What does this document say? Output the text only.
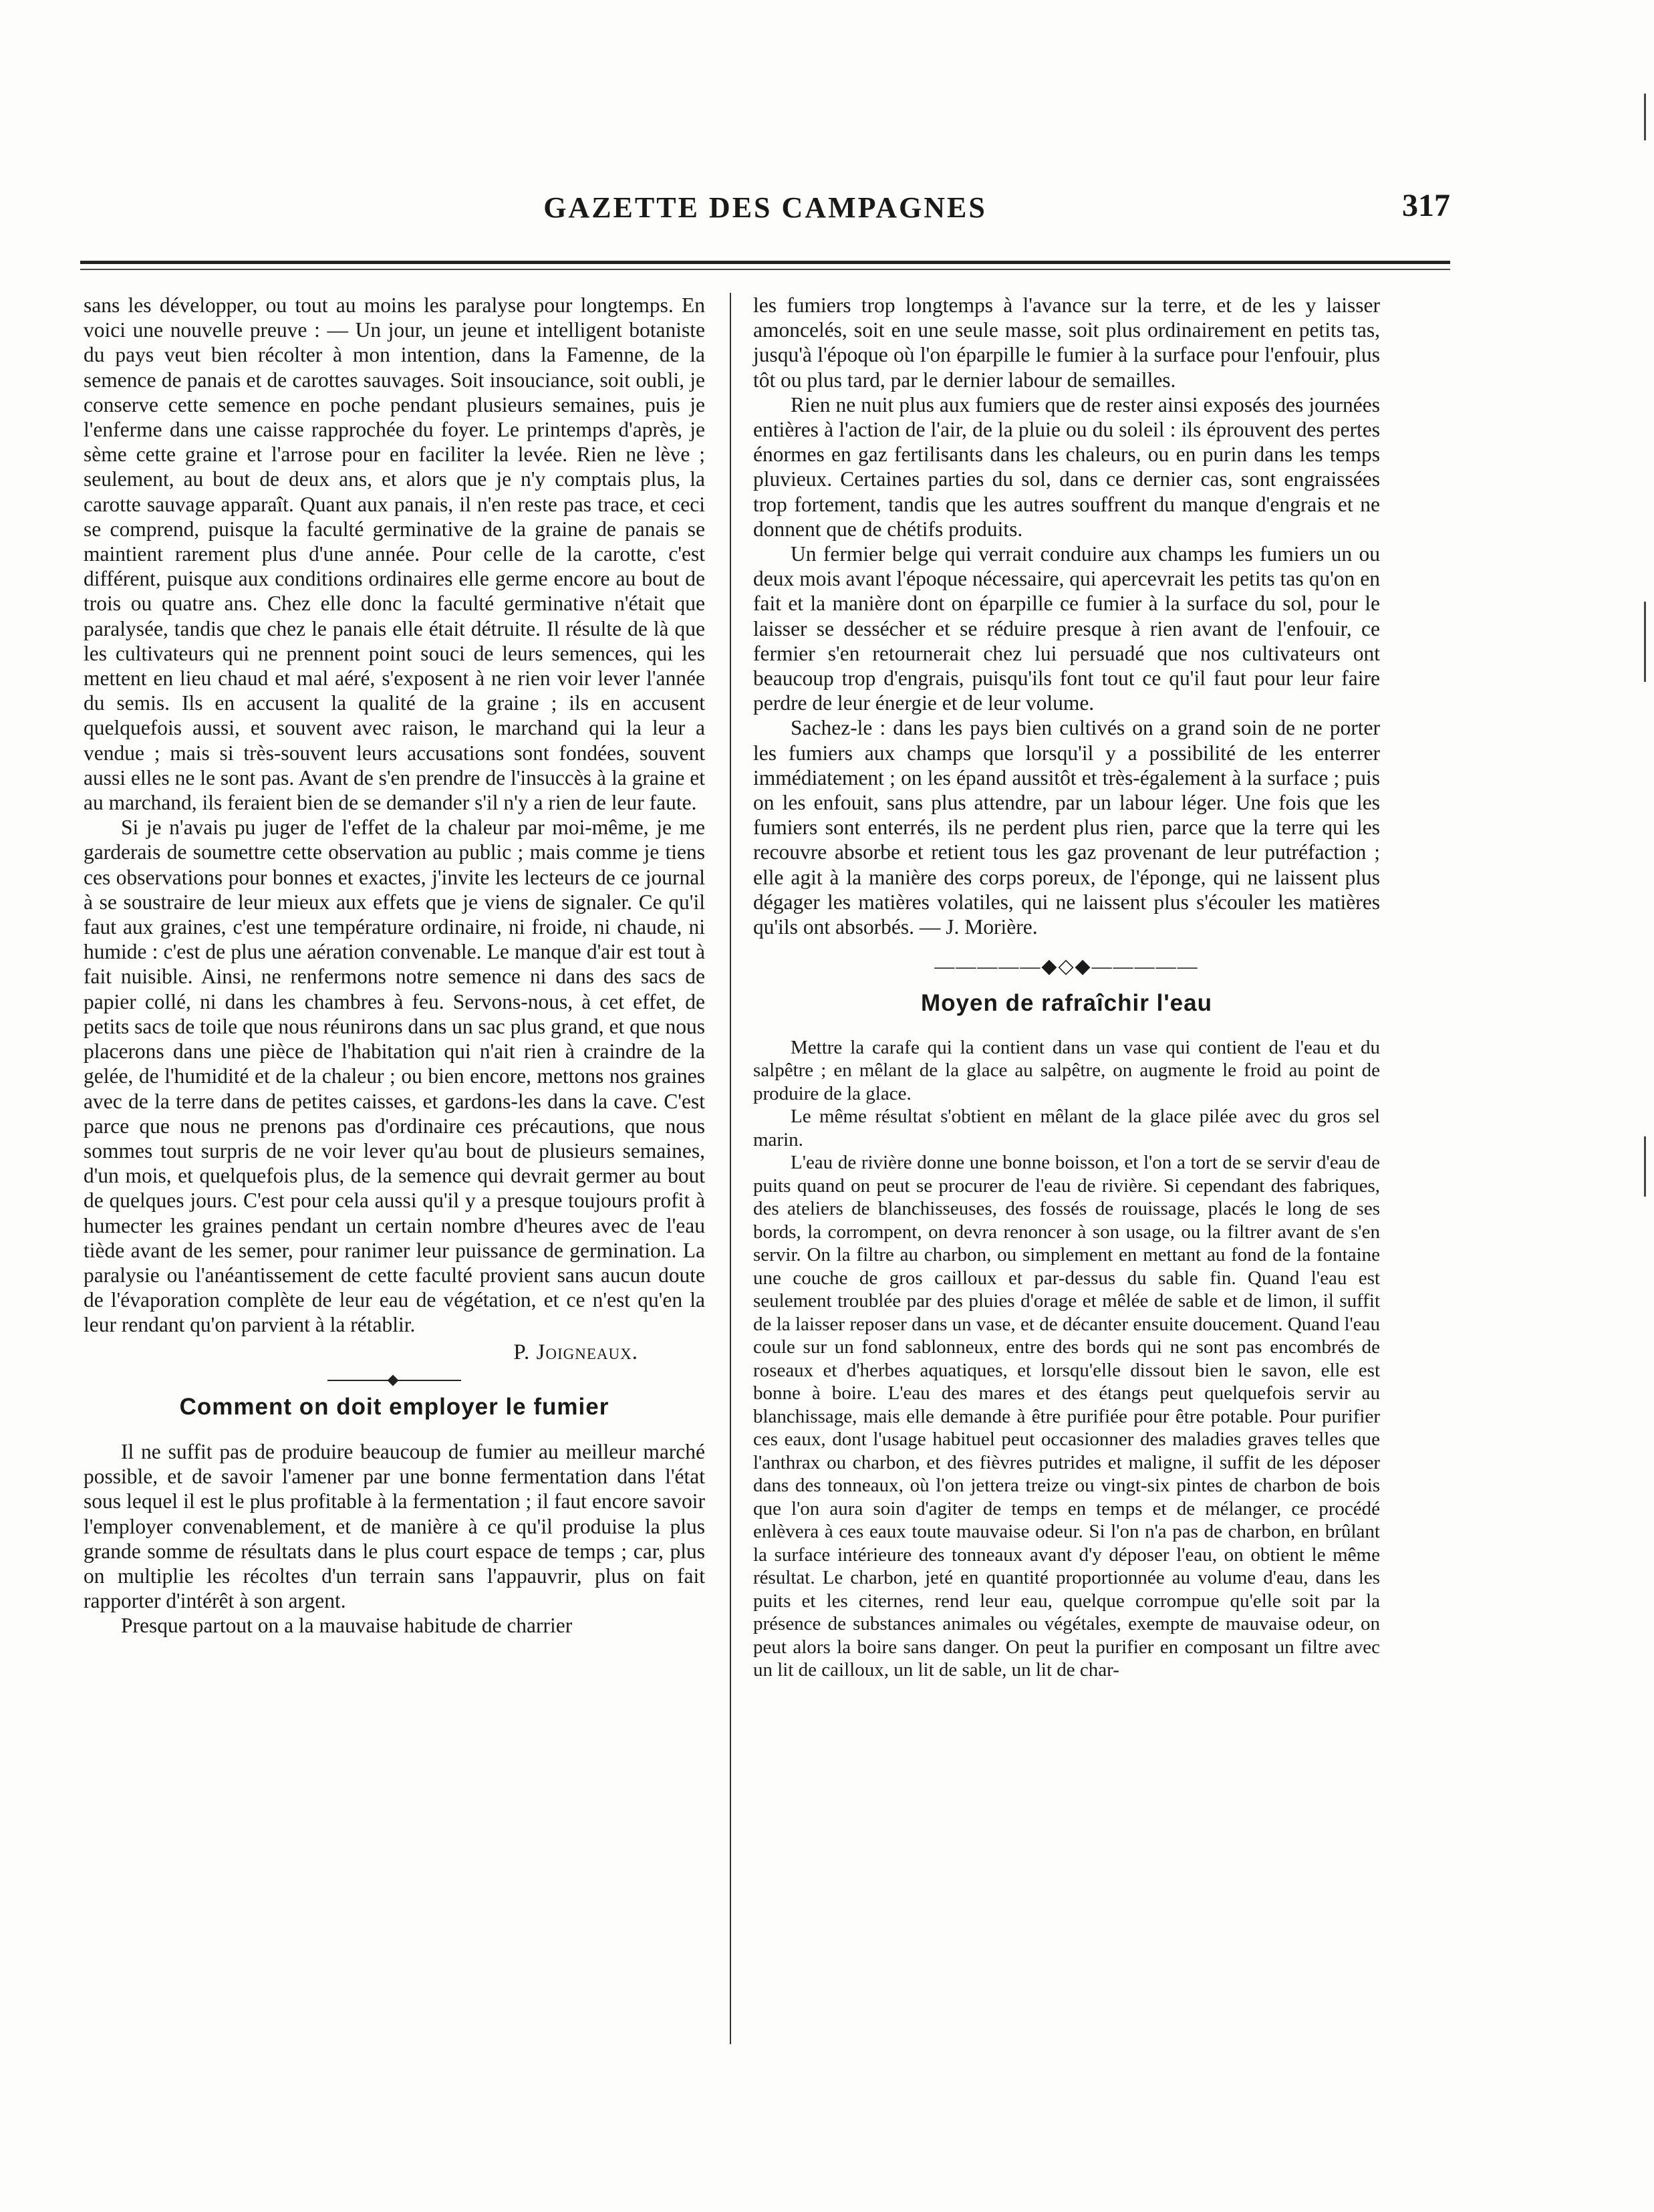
GAZETTE DES CAMPAGNES	317

sans les développer, ou tout au moins les paralyse pour longtemps. En voici une nouvelle preuve : — Un jour, un jeune et intelligent botaniste du pays veut bien récolter à mon intention, dans la Famenne, de la semence de panais et de carottes sauvages. Soit insouciance, soit oubli, je conserve cette semence en poche pendant plusieurs semaines, puis je l'enferme dans une caisse rapprochée du foyer. Le printemps d'après, je sème cette graine et l'arrose pour en faciliter la levée. Rien ne lève ; seulement, au bout de deux ans, et alors que je n'y comptais plus, la carotte sauvage apparaît. Quant aux panais, il n'en reste pas trace, et ceci se comprend, puisque la faculté germinative de la graine de panais se maintient rarement plus d'une année. Pour celle de la carotte, c'est différent, puisque aux conditions ordinaires elle germe encore au bout de trois ou quatre ans. Chez elle donc la faculté germinative n'était que paralysée, tandis que chez le panais elle était détruite. Il résulte de là que les cultivateurs qui ne prennent point souci de leurs semences, qui les mettent en lieu chaud et mal aéré, s'exposent à ne rien voir lever l'année du semis. Ils en accusent la qualité de la graine ; ils en accusent quelquefois aussi, et souvent avec raison, le marchand qui la leur a vendue ; mais si très-souvent leurs accusations sont fondées, souvent aussi elles ne le sont pas. Avant de s'en prendre de l'insuccès à la graine et au marchand, ils feraient bien de se demander s'il n'y a rien de leur faute.

Si je n'avais pu juger de l'effet de la chaleur par moi-même, je me garderais de soumettre cette observation au public ; mais comme je tiens ces observations pour bonnes et exactes, j'invite les lecteurs de ce journal à se soustraire de leur mieux aux effets que je viens de signaler. Ce qu'il faut aux graines, c'est une température ordinaire, ni froide, ni chaude, ni humide : c'est de plus une aération convenable. Le manque d'air est tout à fait nuisible. Ainsi, ne renfermons notre semence ni dans des sacs de papier collé, ni dans les chambres à feu. Servons-nous, à cet effet, de petits sacs de toile que nous réunirons dans un sac plus grand, et que nous placerons dans une pièce de l'habitation qui n'ait rien à craindre de la gelée, de l'humidité et de la chaleur ; ou bien encore, mettons nos graines avec de la terre dans de petites caisses, et gardons-les dans la cave. C'est parce que nous ne prenons pas d'ordinaire ces précautions, que nous sommes tout surpris de ne voir lever qu'au bout de plusieurs semaines, d'un mois, et quelquefois plus, de la semence qui devrait germer au bout de quelques jours. C'est pour cela aussi qu'il y a presque toujours profit à humecter les graines pendant un certain nombre d'heures avec de l'eau tiède avant de les semer, pour ranimer leur puissance de germination. La paralysie ou l'anéantissement de cette faculté provient sans aucun doute de l'évaporation complète de leur eau de végétation, et ce n'est qu'en la leur rendant qu'on parvient à la rétablir.

P. Joigneaux.
Comment on doit employer le fumier

Il ne suffit pas de produire beaucoup de fumier au meilleur marché possible, et de savoir l'amener par une bonne fermentation dans l'état sous lequel il est le plus profitable à la fermentation ; il faut encore savoir l'employer convenablement, et de manière à ce qu'il produise la plus grande somme de résultats dans le plus court espace de temps ; car, plus on multiplie les récoltes d'un terrain sans l'appauvrir, plus on fait rapporter d'intérêt à son argent.

Presque partout on a la mauvaise habitude de charrier

les fumiers trop longtemps à l'avance sur la terre, et de les y laisser amoncelés, soit en une seule masse, soit plus ordinairement en petits tas, jusqu'à l'époque où l'on éparpille le fumier à la surface pour l'enfouir, plus tôt ou plus tard, par le dernier labour de semailles.

Rien ne nuit plus aux fumiers que de rester ainsi exposés des journées entières à l'action de l'air, de la pluie ou du soleil : ils éprouvent des pertes énormes en gaz fertilisants dans les chaleurs, ou en purin dans les temps pluvieux. Certaines parties du sol, dans ce dernier cas, sont engraissées trop fortement, tandis que les autres souffrent du manque d'engrais et ne donnent que de chétifs produits.

Un fermier belge qui verrait conduire aux champs les fumiers un ou deux mois avant l'époque nécessaire, qui apercevrait les petits tas qu'on en fait et la manière dont on éparpille ce fumier à la surface du sol, pour le laisser se dessécher et se réduire presque à rien avant de l'enfouir, ce fermier s'en retournerait chez lui persuadé que nos cultivateurs ont beaucoup trop d'engrais, puisqu'ils font tout ce qu'il faut pour leur faire perdre de leur énergie et de leur volume.

Sachez-le : dans les pays bien cultivés on a grand soin de ne porter les fumiers aux champs que lorsqu'il y a possibilité de les enterrer immédiatement ; on les épand aussitôt et très-également à la surface ; puis on les enfouit, sans plus attendre, par un labour léger. Une fois que les fumiers sont enterrés, ils ne perdent plus rien, parce que la terre qui les recouvre absorbe et retient tous les gaz provenant de leur putréfaction ; elle agit à la manière des corps poreux, de l'éponge, qui ne laissent plus dégager les matières volatiles, qui ne laissent plus s'écouler les matières qu'ils ont absorbés. — J. Morière.

—————◆◇◆—————
Moyen de rafraîchir l'eau

Mettre la carafe qui la contient dans un vase qui contient de l'eau et du salpêtre ; en mêlant de la glace au salpêtre, on augmente le froid au point de produire de la glace.

Le même résultat s'obtient en mêlant de la glace pilée avec du gros sel marin.

L'eau de rivière donne une bonne boisson, et l'on a tort de se servir d'eau de puits quand on peut se procurer de l'eau de rivière. Si cependant des fabriques, des ateliers de blanchisseuses, des fossés de rouissage, placés le long de ses bords, la corrompent, on devra renoncer à son usage, ou la filtrer avant de s'en servir. On la filtre au charbon, ou simplement en mettant au fond de la fontaine une couche de gros cailloux et par-dessus du sable fin. Quand l'eau est seulement troublée par des pluies d'orage et mêlée de sable et de limon, il suffit de la laisser reposer dans un vase, et de décanter ensuite doucement. Quand l'eau coule sur un fond sablonneux, entre des bords qui ne sont pas encombrés de roseaux et d'herbes aquatiques, et lorsqu'elle dissout bien le savon, elle est bonne à boire. L'eau des mares et des étangs peut quelquefois servir au blanchissage, mais elle demande à être purifiée pour être potable. Pour purifier ces eaux, dont l'usage habituel peut occasionner des maladies graves telles que l'anthrax ou charbon, et des fièvres putrides et maligne, il suffit de les déposer dans des tonneaux, où l'on jettera treize ou vingt-six pintes de charbon de bois que l'on aura soin d'agiter de temps en temps et de mélanger, ce procédé enlèvera à ces eaux toute mauvaise odeur. Si l'on n'a pas de charbon, en brûlant la surface intérieure des tonneaux avant d'y déposer l'eau, on obtient le même résultat. Le charbon, jeté en quantité proportionnée au volume d'eau, dans les puits et les citernes, rend leur eau, quelque corrompue qu'elle soit par la présence de substances animales ou végétales, exempte de mauvaise odeur, on peut alors la boire sans danger. On peut la purifier en composant un filtre avec un lit de cailloux, un lit de sable, un lit de char-
